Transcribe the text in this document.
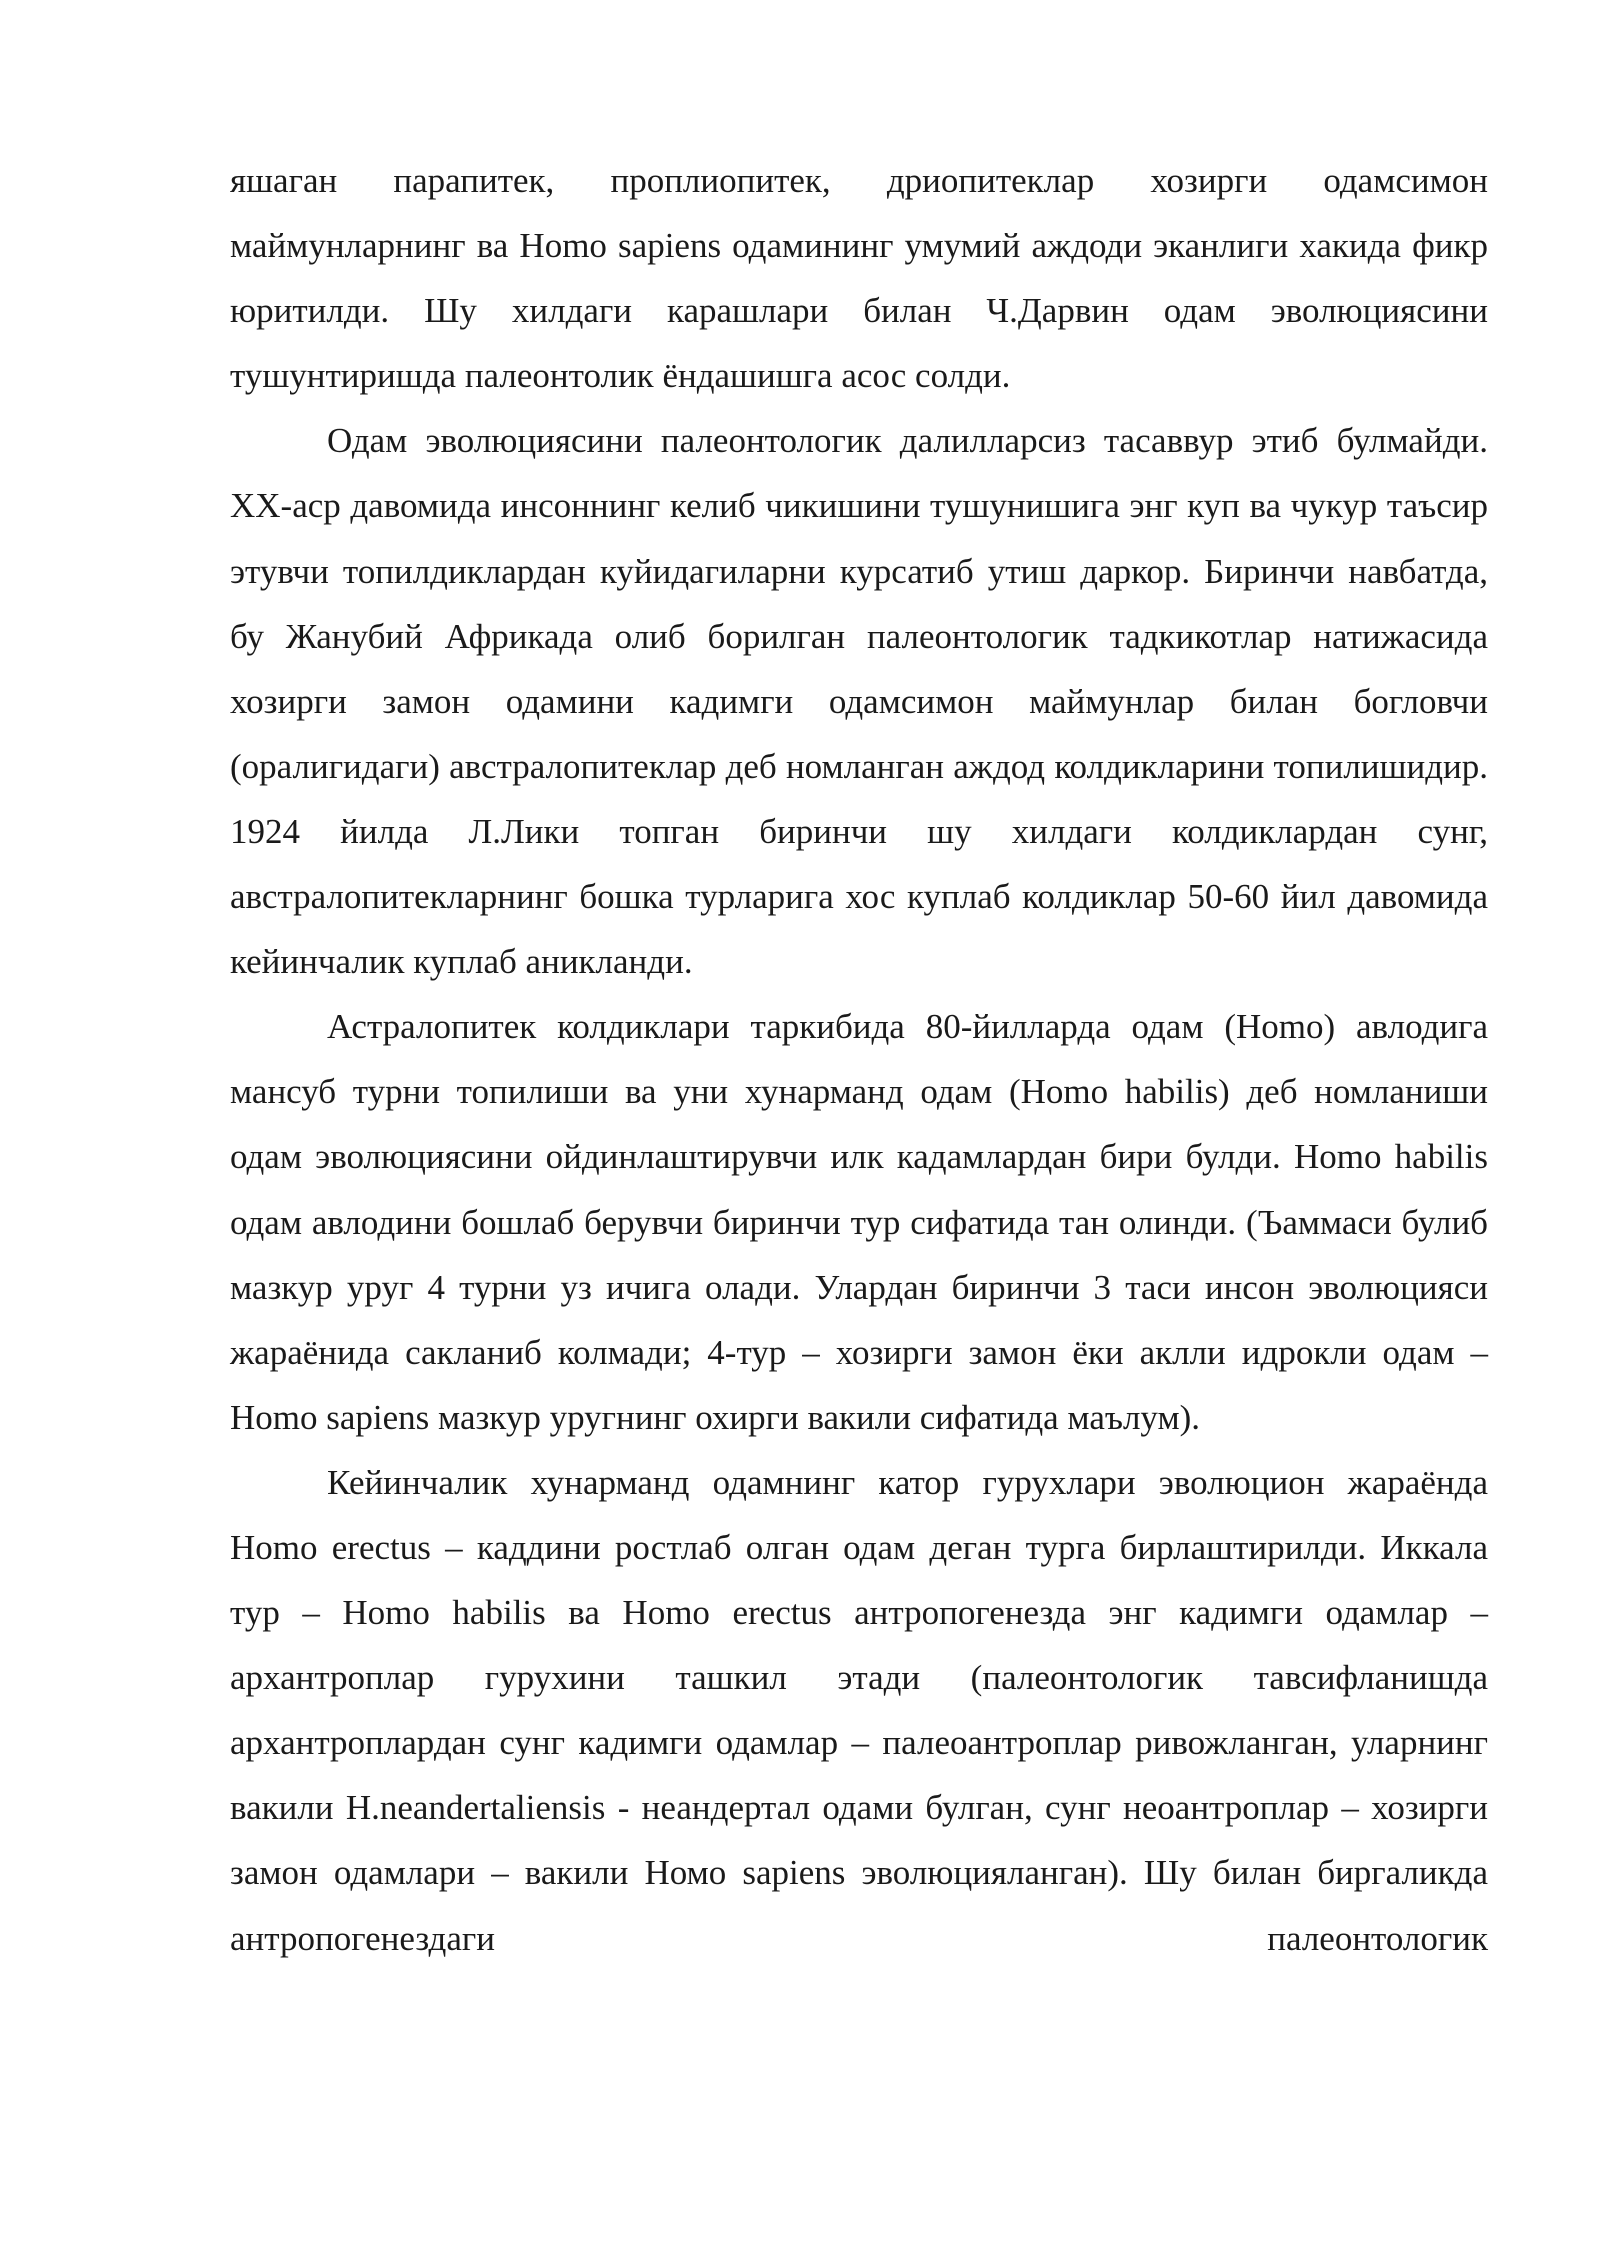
яшаган парапитек, проплиопитек, дриопитеклар хозирги одамсимон маймунларнинг ва Homo sapiens одамининг умумий аждоди эканлиги хакида фикр юритилди. Шу хилдаги карашлари билан Ч.Дарвин одам эволюциясини тушунтиришда палеонтолик ёндашишга асос солди.

Одам эволюциясини палеонтологик далилларсиз тасаввур этиб булмайди. XX-аср давомида инсоннинг келиб чикишини тушунишига энг куп ва чукур таъсир этувчи топилдиклардан куйидагиларни курсатиб утиш даркор. Биринчи навбатда, бу Жанубий Африкада олиб борилган палеонтологик тадкикотлар натижасида хозирги замон одамини кадимги одамсимон маймунлар билан богловчи (оралигидаги) австралопитеклар деб номланган аждод колдикларини топилишидир. 1924 йилда Л.Лики топган биринчи шу хилдаги колдиклардан сунг, австралопитекларнинг бошка турларига хос куплаб колдиклар 50-60 йил давомида кейинчалик куплаб аникланди.

Астралопитек колдиклари таркибида 80-йилларда одам (Homo) авлодига мансуб турни топилиши ва уни хунарманд одам (Homo habilis) деб номланиши одам эволюциясини ойдинлаштирувчи илк кадамлардан бири булди. Homo habilis одам авлодини бошлаб берувчи биринчи тур сифатида тан олинди. (Ъаммаси булиб мазкур уруг 4 турни уз ичига олади. Улардан биринчи 3 таси инсон эволюцияси жараёнида сакланиб колмади; 4-тур – хозирги замон ёки аклли идрокли одам – Homo sapiens мазкур уругнинг охирги вакили сифатида маълум).

Кейинчалик хунарманд одамнинг катор гурухлари эволюцион жараёнда Homo erectus – каддини ростлаб олган одам деган турга бирлаштирилди. Иккала тур – Homo habilis ва Homo erectus антропогенезда энг кадимги одамлар – архантроплар гурухини ташкил этади (палеонтологик тавсифланишда архантроплардан сунг кадимги одамлар – палеоантроплар ривожланган, уларнинг вакили H.neandertaliensis - неандертал одами булган, сунг неоантроплар – хозирги замон одамлари – вакили Номо sapiens эволюцияланган). Шу билан биргаликда антропогенездаги палеонтологик
